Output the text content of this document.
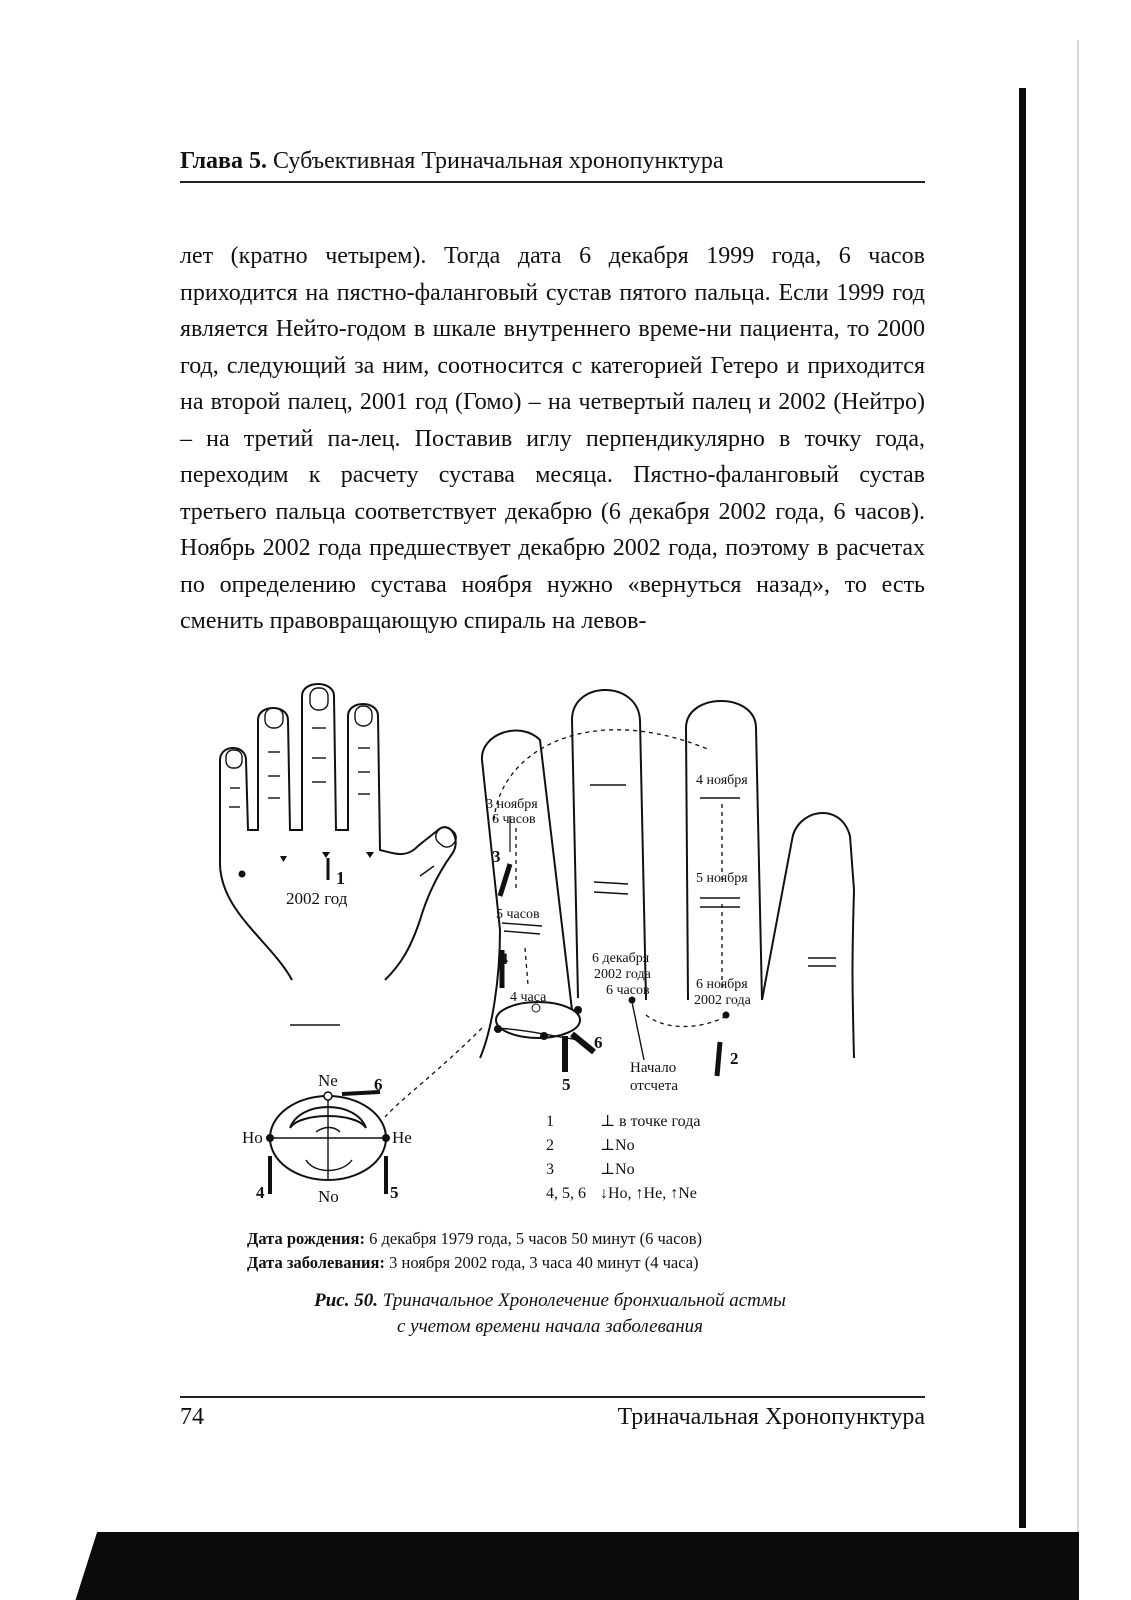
Глава 5. Субъективная Триначальная хронопунктура

лет (кратно четырем). Тогда дата 6 декабря 1999 года, 6 часов приходится на пястно-фаланговый сустав пятого пальца. Если 1999 год является Нейто-годом в шкале внутреннего време-ни пациента, то 2000 год, следующий за ним, соотносится с категорией Гетеро и приходится на второй палец, 2001 год (Гомо) – на четвертый палец и 2002 (Нейтро) – на третий па-лец. Поставив иглу перпендикулярно в точку года, переходим к расчету сустава месяца. Пястно-фаланговый сустав третьего пальца соответствует декабрю (6 декабря 2002 года, 6 часов). Ноябрь 2002 года предшествует декабрю 2002 года, поэтому в расчетах по определению сустава ноября нужно «вернуться назад», то есть сменить правовращающую спираль на левов-

1
2002 год
3 ноября
6 часов
3
5 часов
4
4 часа
6 декабря
2002 года
6 часов
4 ноября
5 ноября
6 ноября
2002 года
2
6
5
Начало
отсчета
Ne 6
Ho	He
No
4	5
1	⊥ в точке года
2	⊥No
3	⊥No
4, 5, 6 ↓Ho, ↑He, ↑Ne
Дата рождения: 6 декабря 1979 года, 5 часов 50 минут (6 часов)
Дата заболевания: 3 ноября 2002 года, 3 часа 40 минут (4 часа)
Рис. 50. Триначальное Хронолечение бронхиальной астмы
с учетом времени начала заболевания
74	Триначальная Хронопунктура
